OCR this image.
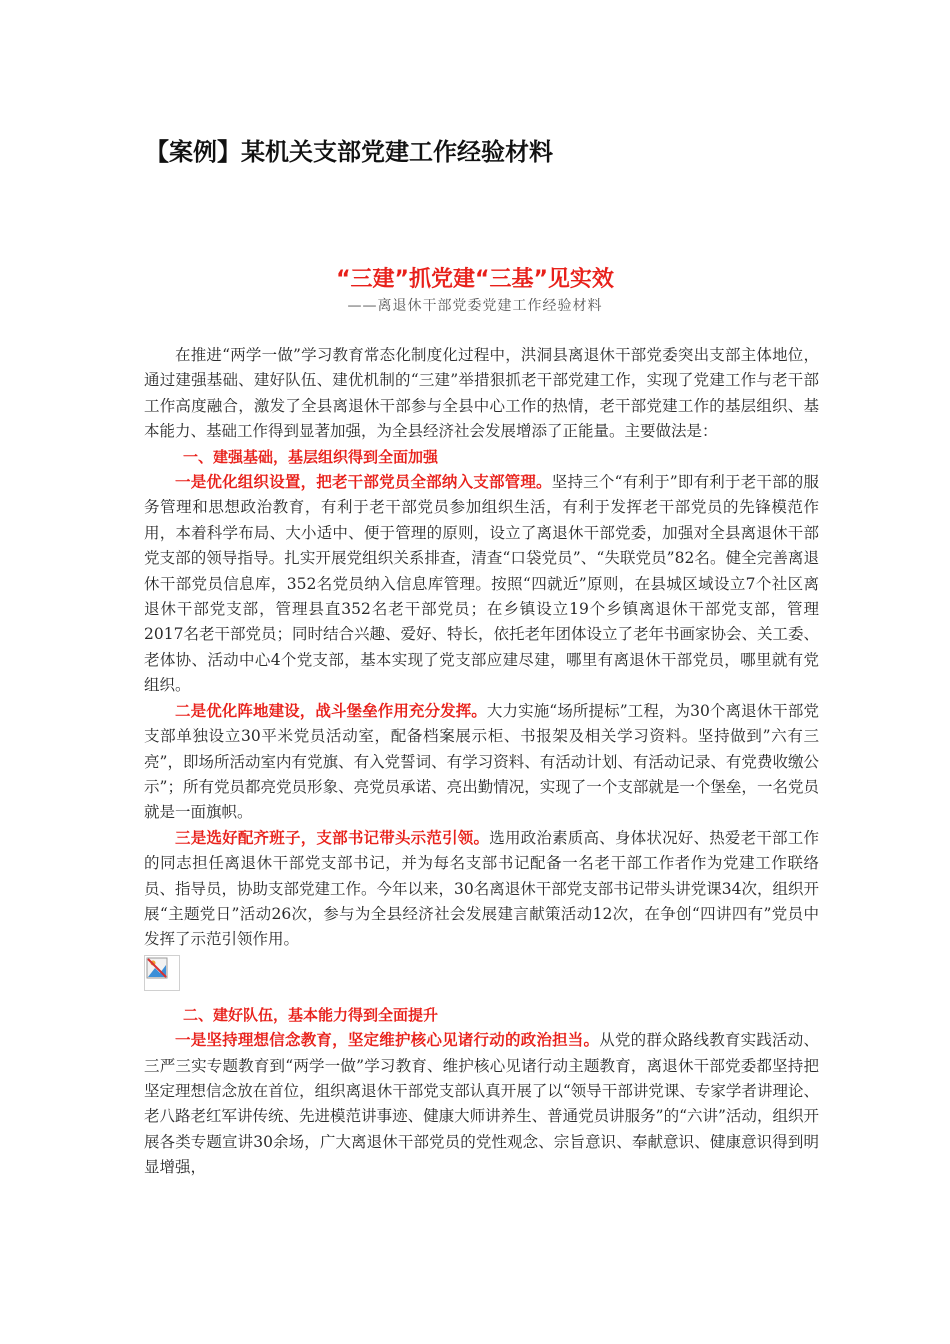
【案例】某机关支部党建工作经验材料
“三建”抓党建“三基”见实效
——离退休干部党委党建工作经验材料

在推进“两学一做”学习教育常态化制度化过程中，洪洞县离退休干部党委突出支部主体地位，通过建强基础、建好队伍、建优机制的“三建”举措狠抓老干部党建工作，实现了党建工作与老干部工作高度融合，激发了全县离退休干部参与全县中心工作的热情，老干部党建工作的基层组织、基本能力、基础工作得到显著加强，为全县经济社会发展增添了正能量。主要做法是：

一、建强基础，基层组织得到全面加强

一是优化组织设置，把老干部党员全部纳入支部管理。坚持三个“有利于”即有利于老干部的服务管理和思想政治教育，有利于老干部党员参加组织生活，有利于发挥老干部党员的先锋模范作用，本着科学布局、大小适中、便于管理的原则，设立了离退休干部党委，加强对全县离退休干部党支部的领导指导。扎实开展党组织关系排查，清查“口袋党员”、“失联党员”82名。健全完善离退休干部党员信息库，352名党员纳入信息库管理。按照“四就近”原则，在县城区域设立7个社区离退休干部党支部，管理县直352名老干部党员；在乡镇设立19个乡镇离退休干部党支部，管理2017名老干部党员；同时结合兴趣、爱好、特长，依托老年团体设立了老年书画家协会、关工委、老体协、活动中心4个党支部，基本实现了党支部应建尽建，哪里有离退休干部党员，哪里就有党组织。

二是优化阵地建设，战斗堡垒作用充分发挥。大力实施“场所提标”工程，为30个离退休干部党支部单独设立30平米党员活动室，配备档案展示柜、书报架及相关学习资料。坚持做到”六有三亮”，即场所活动室内有党旗、有入党誓词、有学习资料、有活动计划、有活动记录、有党费收缴公示”；所有党员都亮党员形象、亮党员承诺、亮出勤情况，实现了一个支部就是一个堡垒，一名党员就是一面旗帜。

三是选好配齐班子，支部书记带头示范引领。选用政治素质高、身体状况好、热爱老干部工作的同志担任离退休干部党支部书记，并为每名支部书记配备一名老干部工作者作为党建工作联络员、指导员，协助支部党建工作。今年以来，30名离退休干部党支部书记带头讲党课34次，组织开展“主题党日”活动26次，参与为全县经济社会发展建言献策活动12次，在争创“四讲四有”党员中发挥了示范引领作用。

二、建好队伍，基本能力得到全面提升

一是坚持理想信念教育，坚定维护核心见诸行动的政治担当。从党的群众路线教育实践活动、三严三实专题教育到“两学一做”学习教育、维护核心见诸行动主题教育，离退休干部党委都坚持把坚定理想信念放在首位，组织离退休干部党支部认真开展了以“领导干部讲党课、专家学者讲理论、老八路老红军讲传统、先进模范讲事迹、健康大师讲养生、普通党员讲服务”的“六讲”活动，组织开展各类专题宣讲30余场，广大离退休干部党员的党性观念、宗旨意识、奉献意识、健康意识得到明显增强，
